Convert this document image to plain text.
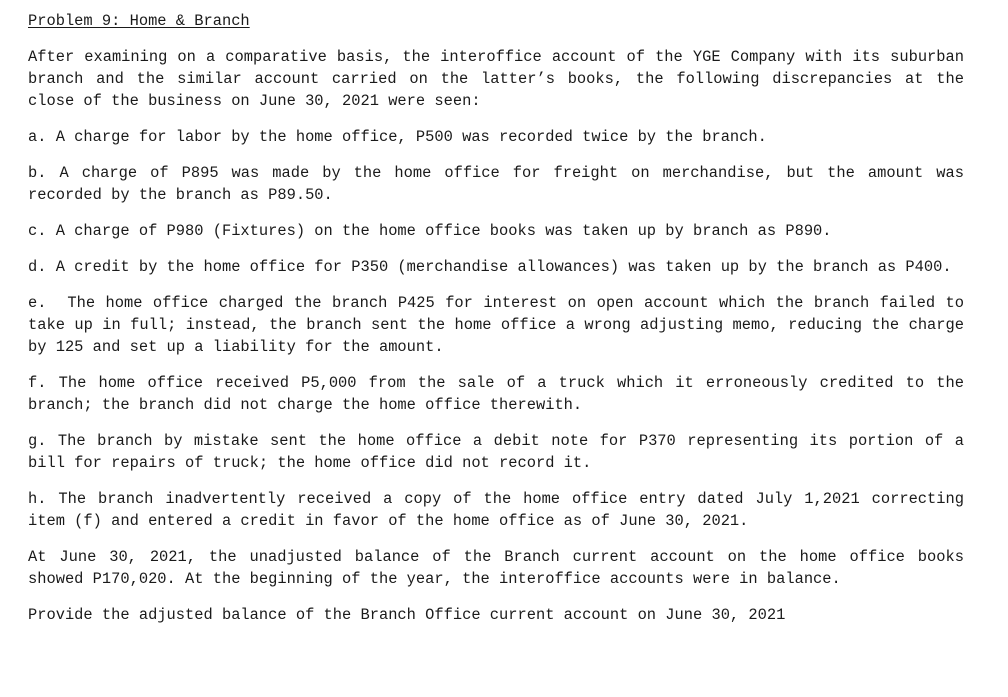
Problem 9: Home & Branch

After examining on a comparative basis, the interoffice account of the YGE Company with its suburban branch and the similar account carried on the latter’s books, the following discrepancies at the close of the business on June 30, 2021 were seen:

a. A charge for labor by the home office, P500 was recorded twice by the branch.

b. A charge of P895 was made by the home office for freight on merchandise, but the amount was recorded by the branch as P89.50.

c. A charge of P980 (Fixtures) on the home office books was taken up by branch as P890.

d. A credit by the home office for P350 (merchandise allowances) was taken up by the branch as P400.

e.  The home office charged the branch P425 for interest on open account which the branch failed to take up in full; instead, the branch sent the home office a wrong adjusting memo, reducing the charge by 125 and set up a liability for the amount.

f. The home office received P5,000 from the sale of a truck which it erroneously credited to the branch; the branch did not charge the home office therewith.

g. The branch by mistake sent the home office a debit note for P370 representing its portion of a bill for repairs of truck; the home office did not record it.

h. The branch inadvertently received a copy of the home office entry dated July 1,2021 correcting item (f) and entered a credit in favor of the home office as of June 30, 2021.

At June 30, 2021, the unadjusted balance of the Branch current account on the home office books showed P170,020. At the beginning of the year, the interoffice accounts were in balance.

Provide the adjusted balance of the Branch Office current account on June 30, 2021
